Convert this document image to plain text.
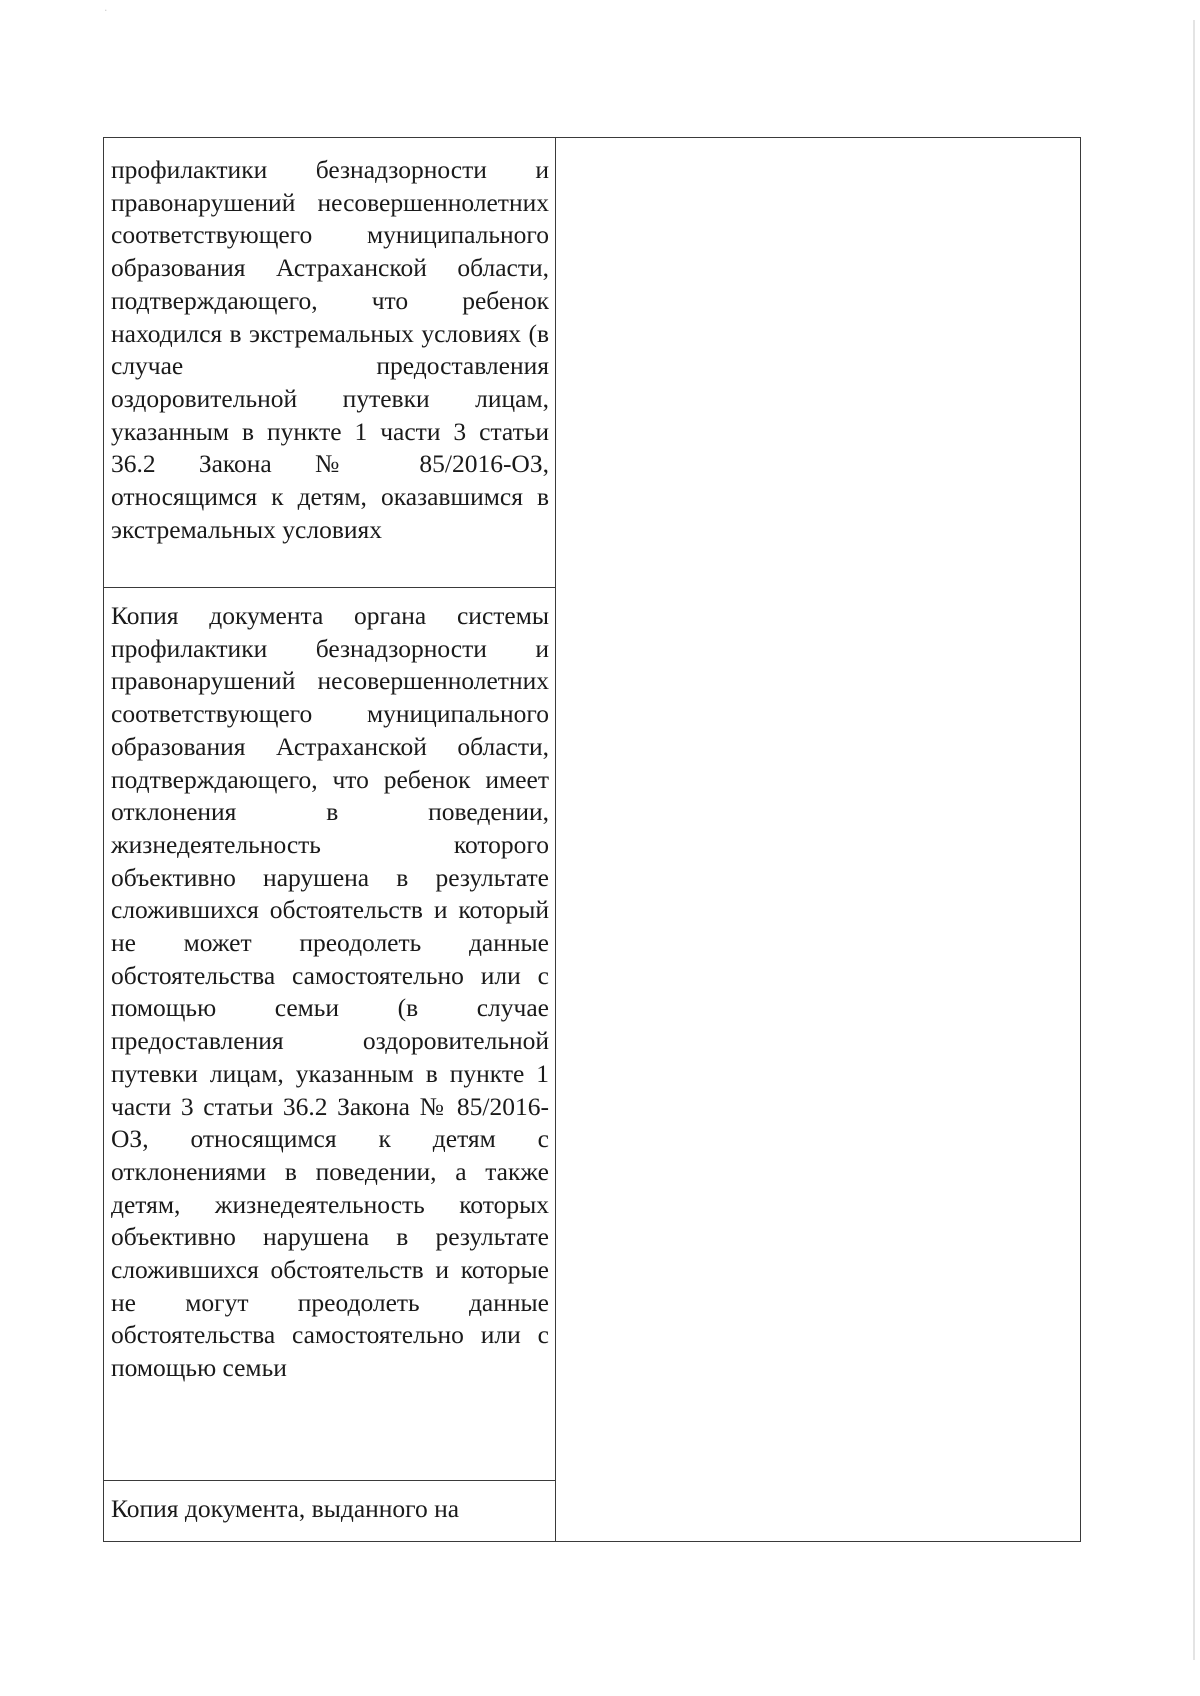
·
профилактики безнадзорности и правонарушений несовершеннолетних соответствующего муниципального образования Астраханской области, подтверждающего, что ребенок находился в экстремальных условиях (в случае предоставления оздоровительной путевки лицам, указанным в пункте 1 части 3 статьи 36.2 Закона № 85/2016-ОЗ, относящимся к детям, оказавшимся в экстремальных условиях
Копия документа органа системы профилактики безнадзорности и правонарушений несовершеннолетних соответствующего муниципального образования Астраханской области, подтверждающего, что ребенок имеет отклонения в поведении, жизнедеятельность которого объективно нарушена в результате сложившихся обстоятельств и который не может преодолеть данные обстоятельства самостоятельно или с помощью семьи (в случае предоставления оздоровительной путевки лицам, указанным в пункте 1 части 3 статьи 36.2 Закона № 85/2016-ОЗ, относящимся к детям с отклонениями в поведении, а также детям, жизнедеятельность которых объективно нарушена в результате сложившихся обстоятельств и которые не могут преодолеть данные обстоятельства самостоятельно или с помощью семьи
Копия документа, выданного на
